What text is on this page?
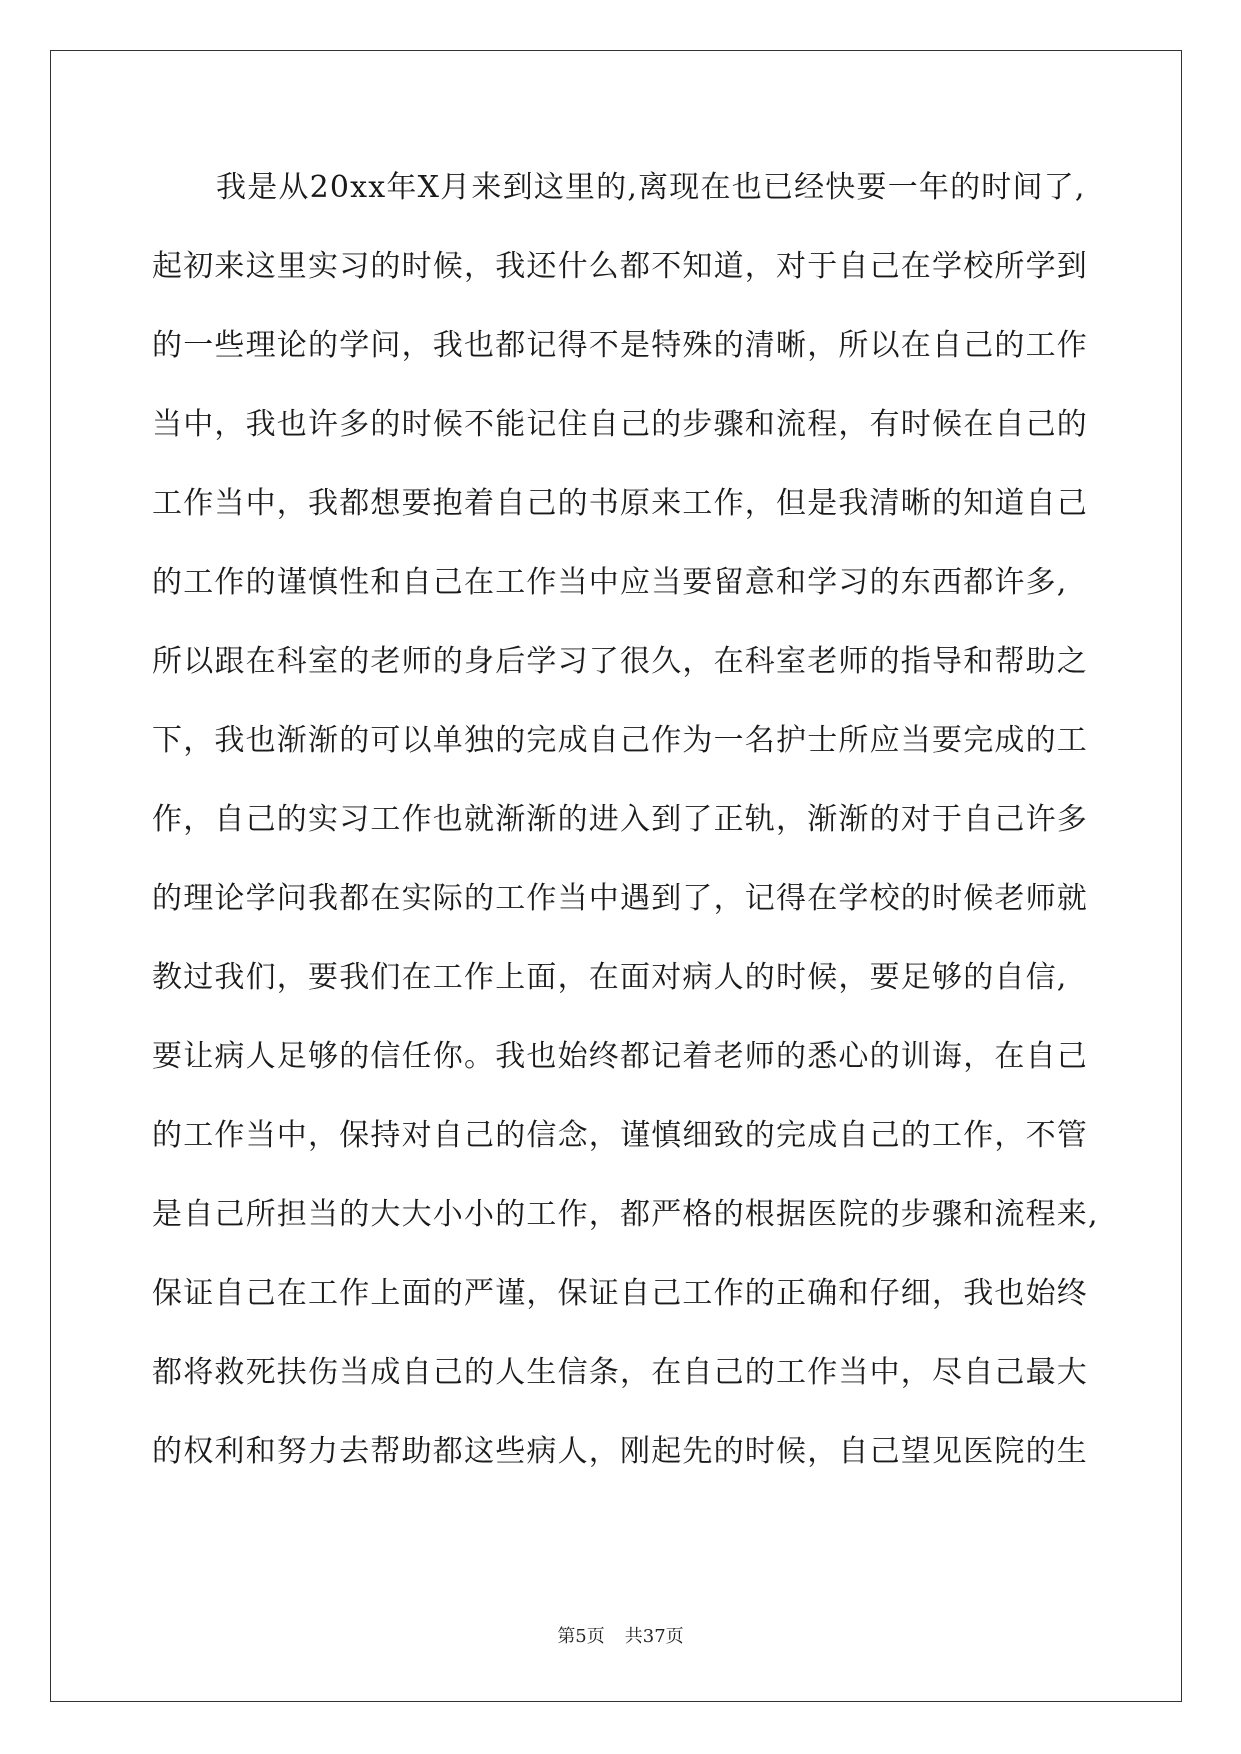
我是从20xx年X月来到这里的,离现在也已经快要一年的时间了,
起初来这里实习的时候，我还什么都不知道，对于自己在学校所学到
的一些理论的学问，我也都记得不是特殊的清晰，所以在自己的工作
当中，我也许多的时候不能记住自己的步骤和流程，有时候在自己的
工作当中，我都想要抱着自己的书原来工作，但是我清晰的知道自己
的工作的谨慎性和自己在工作当中应当要留意和学习的东西都许多,
所以跟在科室的老师的身后学习了很久，在科室老师的指导和帮助之
下，我也渐渐的可以单独的完成自己作为一名护士所应当要完成的工
作，自己的实习工作也就渐渐的进入到了正轨，渐渐的对于自己许多
的理论学问我都在实际的工作当中遇到了，记得在学校的时候老师就
教过我们，要我们在工作上面，在面对病人的时候，要足够的自信,
要让病人足够的信任你。我也始终都记着老师的悉心的训诲，在自己
的工作当中，保持对自己的信念，谨慎细致的完成自己的工作，不管
是自己所担当的大大小小的工作，都严格的根据医院的步骤和流程来,
保证自己在工作上面的严谨，保证自己工作的正确和仔细，我也始终
都将救死扶伤当成自己的人生信条，在自己的工作当中，尽自己最大
的权利和努力去帮助都这些病人，刚起先的时候，自己望见医院的生
第5页 共37页
